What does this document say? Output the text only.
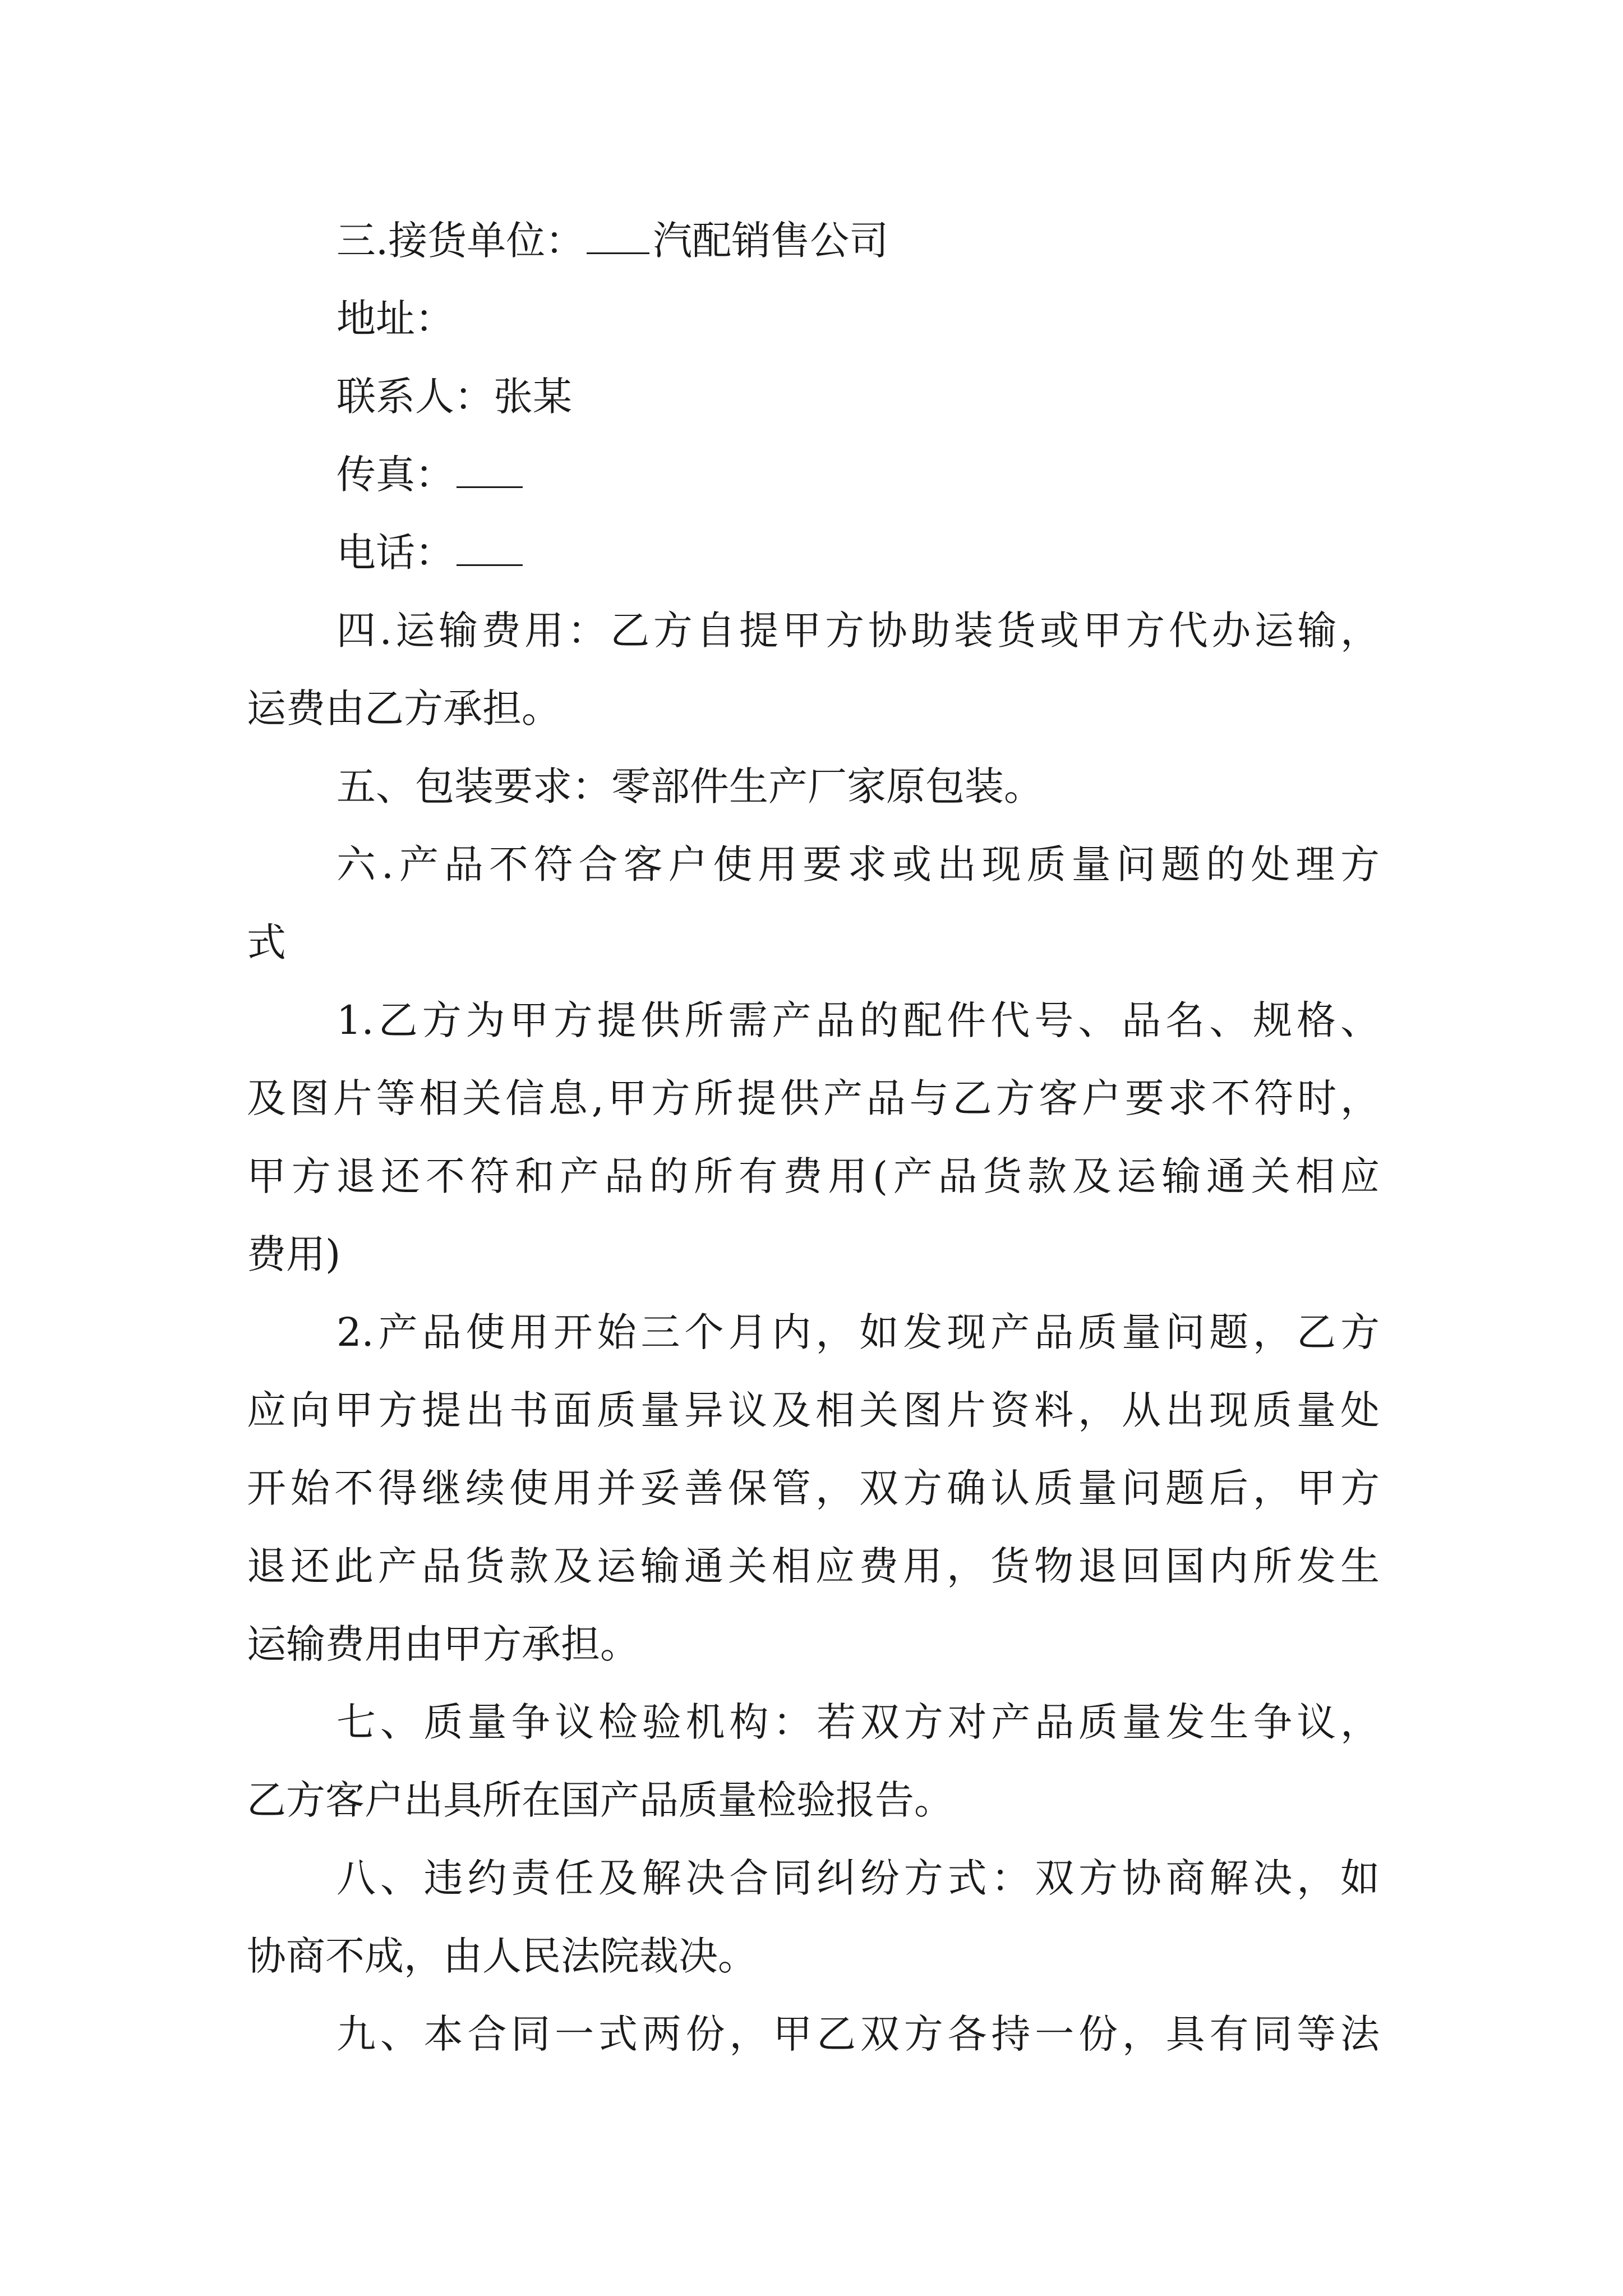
三.接货单位： 汽配销售公司
地址：
联系人：张某
传真：
电话：
四.运输费用：乙方自提甲方协助装货或甲方代办运输，
运费由乙方承担。
五、包装要求：零部件生产厂家原包装。
六.产品不符合客户使用要求或出现质量问题的处理方
式
1.乙方为甲方提供所需产品的配件代号、品名、规格、
及图片等相关信息,甲方所提供产品与乙方客户要求不符时，
甲方退还不符和产品的所有费用(产品货款及运输通关相应
费用)
2.产品使用开始三个月内，如发现产品质量问题，乙方
应向甲方提出书面质量异议及相关图片资料，从出现质量处
开始不得继续使用并妥善保管，双方确认质量问题后，甲方
退还此产品货款及运输通关相应费用，货物退回国内所发生
运输费用由甲方承担。
七、质量争议检验机构：若双方对产品质量发生争议，
乙方客户出具所在国产品质量检验报告。
八、违约责任及解决合同纠纷方式：双方协商解决，如
协商不成，由人民法院裁决。
九、本合同一式两份，甲乙双方各持一份，具有同等法
